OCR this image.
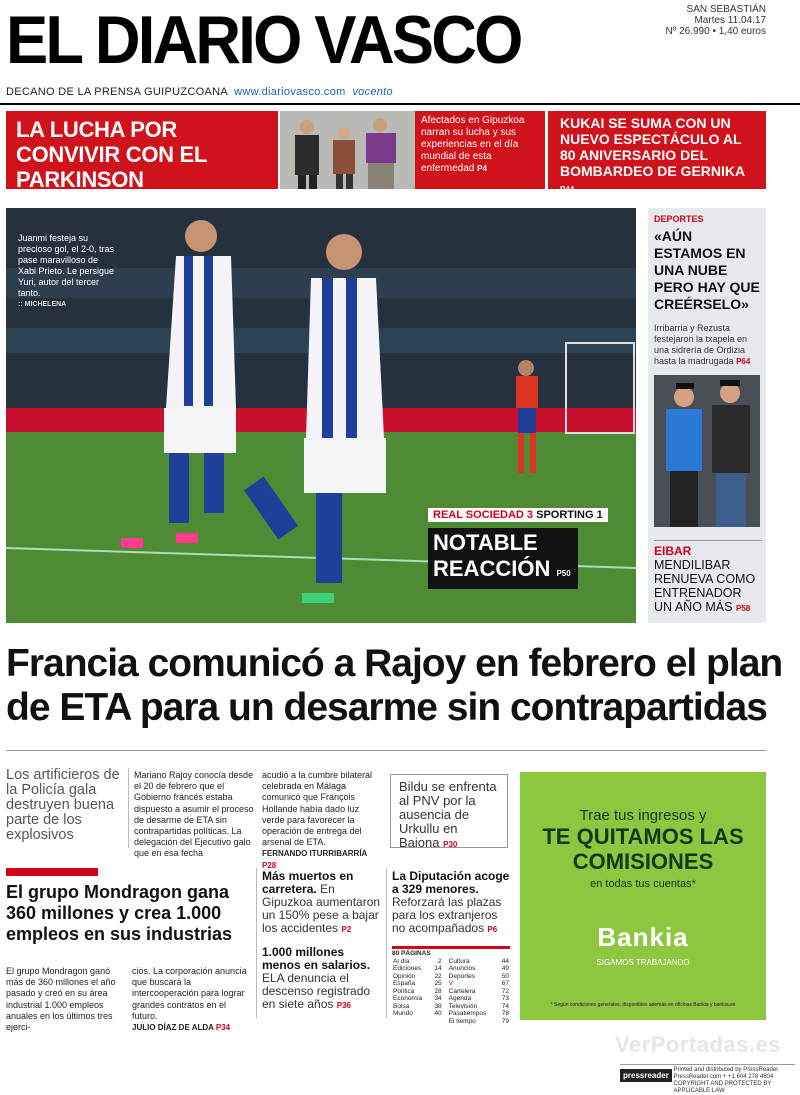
EL DIARIO VASCO	SAN SEBASTIÁN
Martes 11.04.17
Nº 26.990 • 1,40 euros
DECANO DE LA PRENSA GUIPUZCOANA www.diariovasco.com vocento
LA LUCHA POR CONVIVIR CON EL PARKINSON
Afectados en Gipuzkoa narran su lucha y sus experiencias en el día mundial de esta enfermedad P4
KUKAI SE SUMA CON UN NUEVO ESPECTÁCULO AL 80 ANIVERSARIO DEL BOMBARDEO DE GERNIKA P44
Juanmi festeja su precioso gol, el 2-0, tras pase maravilloso de Xabi Prieto. Le persigue Yuri, autor del tercer tanto.
:: MICHELENA
REAL SOCIEDAD 3 SPORTING 1
NOTABLE REACCIÓN P50
DEPORTES
«AÚN ESTAMOS EN UNA NUBE PERO HAY QUE CREÉRSELO»
Irribarria y Rezusta festejaron la txapela en una sidrería de Ordizia hasta la madrugada P64
EIBAR
MENDILIBAR RENUEVA COMO ENTRENADOR UN AÑO MÁS P58
Francia comunicó a Rajoy en febrero el plan de ETA para un desarme sin contrapartidas
Los artificieros de la Policía gala destruyen buena parte de los explosivos
Mariano Rajoy conocía desde el 20 de febrero que el Gobierno francés estaba dispuesto a asumir el proceso de desarme de ETA sin contrapartidas políticas. La delegación del Ejecutivo galo que en esa fecha
acudió a la cumbre bilateral celebrada en Málaga comunicó que François Hollande había dado luz verde para favorecer la operación de entrega del arsenal de ETA.
FERNANDO ITURRIBARRÍA P28
Bildu se enfrenta al PNV por la ausencia de Urkullu en Baiona P30
Trae tus ingresos y
TE QUITAMOS LAS COMISIONES
en todas tus cuentas*
Bankia
SIGAMOS TRABAJANDO
* Según condiciones generales, disponibles además en oficinas Bankia y bankia.es
El grupo Mondragon gana 360 millones y crea 1.000 empleos en sus industrias
El grupo Mondragon ganó más de 360 millones el año pasado y creó en su área industrial 1.000 empleos anuales en los últimos tres ejerci-
cios. La corporación anuncia que buscará la intercooperación para lograr grandes contratos en el futuro.
JULIO DÍAZ DE ALDA P34
Más muertos en carretera. En Gipuzkoa aumentaron un 150% pese a bajar los accidentes P2
1.000 millones menos en salarios. ELA denuncia el descenso registrado en siete años P36
La Diputación acoge a 329 menores. Reforzará las plazas para los extranjeros no acompañados P6
80 PÁGINAS
Al día	2	Cultura	44
Ediciones	14	Anuncios	49
Opinión	22	Deportes	50
España	25	V	67
Política	28	Cartelera	72
Economía	34	Agenda	73
Bolsa	38	Televisión	74
Mundo	40	Pasatiempos	78
		El tiempo	79
VerPortadas.es
pressreader Printed and distributed by PressReader PressReader.com + +1 604 278 4604 COPYRIGHT AND PROTECTED BY APPLICABLE LAW
